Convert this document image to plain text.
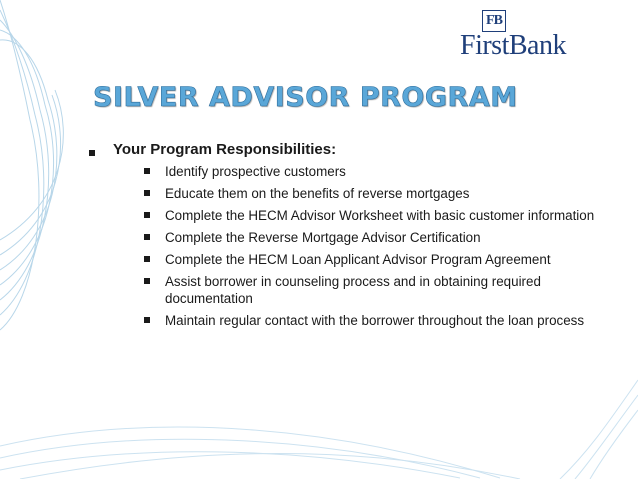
FB
FirstBank
SILVER ADVISOR PROGRAM
Your Program Responsibilities:
Identify prospective customers
Educate them on the benefits of reverse mortgages
Complete the HECM Advisor Worksheet with basic customer information
Complete the Reverse Mortgage Advisor Certification
Complete the HECM Loan Applicant Advisor Program Agreement
Assist borrower in counseling process and in obtaining required documentation
Maintain regular contact with the borrower throughout the loan process
